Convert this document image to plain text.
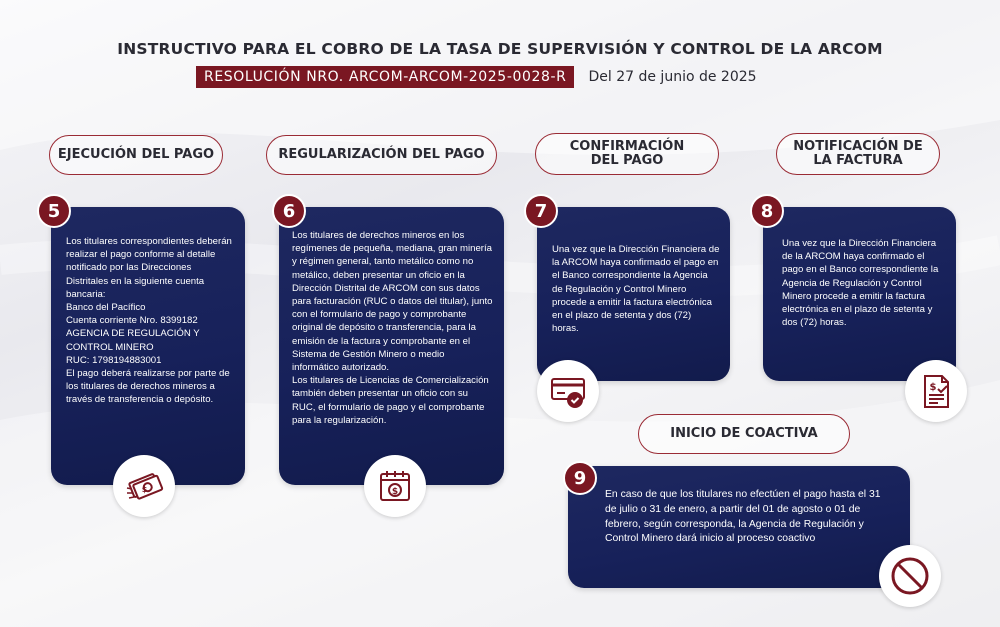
INSTRUCTIVO PARA EL COBRO DE LA TASA DE SUPERVISIÓN Y CONTROL DE LA ARCOM
RESOLUCIÓN NRO. ARCOM-ARCOM-2025-0028-R	Del 27 de junio de 2025
EJECUCIÓN DEL PAGO

Los titulares correspondientes deberán realizar el pago conforme al detalle notificado por las Direcciones Distritales en la siguiente cuenta bancaria:

Banco del Pacífico

Cuenta corriente Nro. 8399182

AGENCIA DE REGULACIÓN Y CONTROL MINERO

RUC: 1798194883001

El pago deberá realizarse por parte de los titulares de derechos mineros a través de transferencia o depósito.

5
$
REGULARIZACIÓN DEL PAGO

Los titulares de derechos mineros en los regímenes de pequeña, mediana, gran minería y régimen general, tanto metálico como no metálico, deben presentar un oficio en la Dirección Distrital de ARCOM con sus datos para facturación (RUC o datos del titular), junto con el formulario de pago y comprobante original de depósito o transferencia, para la emisión de la factura y comprobante en el Sistema de Gestión Minero o medio informático autorizado.

Los titulares de Licencias de Comercialización también deben presentar un oficio con su RUC, el formulario de pago y el comprobante para la regularización.

6
$
CONFIRMACIÓN
DEL PAGO

Una vez que la Dirección Financiera de la ARCOM haya confirmado el pago en el Banco correspondiente la Agencia de Regulación y Control Minero procede a emitir la factura electrónica en el plazo de setenta y dos (72) horas.

7
NOTIFICACIÓN DE
LA FACTURA

Una vez que la Dirección Financiera de la ARCOM haya confirmado el pago en el Banco correspondiente la Agencia de Regulación y Control Minero procede a emitir la factura electrónica en el plazo de setenta y dos (72) horas.

8
$
INICIO DE COACTIVA

En caso de que los titulares no efectúen el pago hasta el 31 de julio o 31 de enero, a partir del 01 de agosto o 01 de febrero, según corresponda, la Agencia de Regulación y Control Minero dará inicio al proceso coactivo

9
